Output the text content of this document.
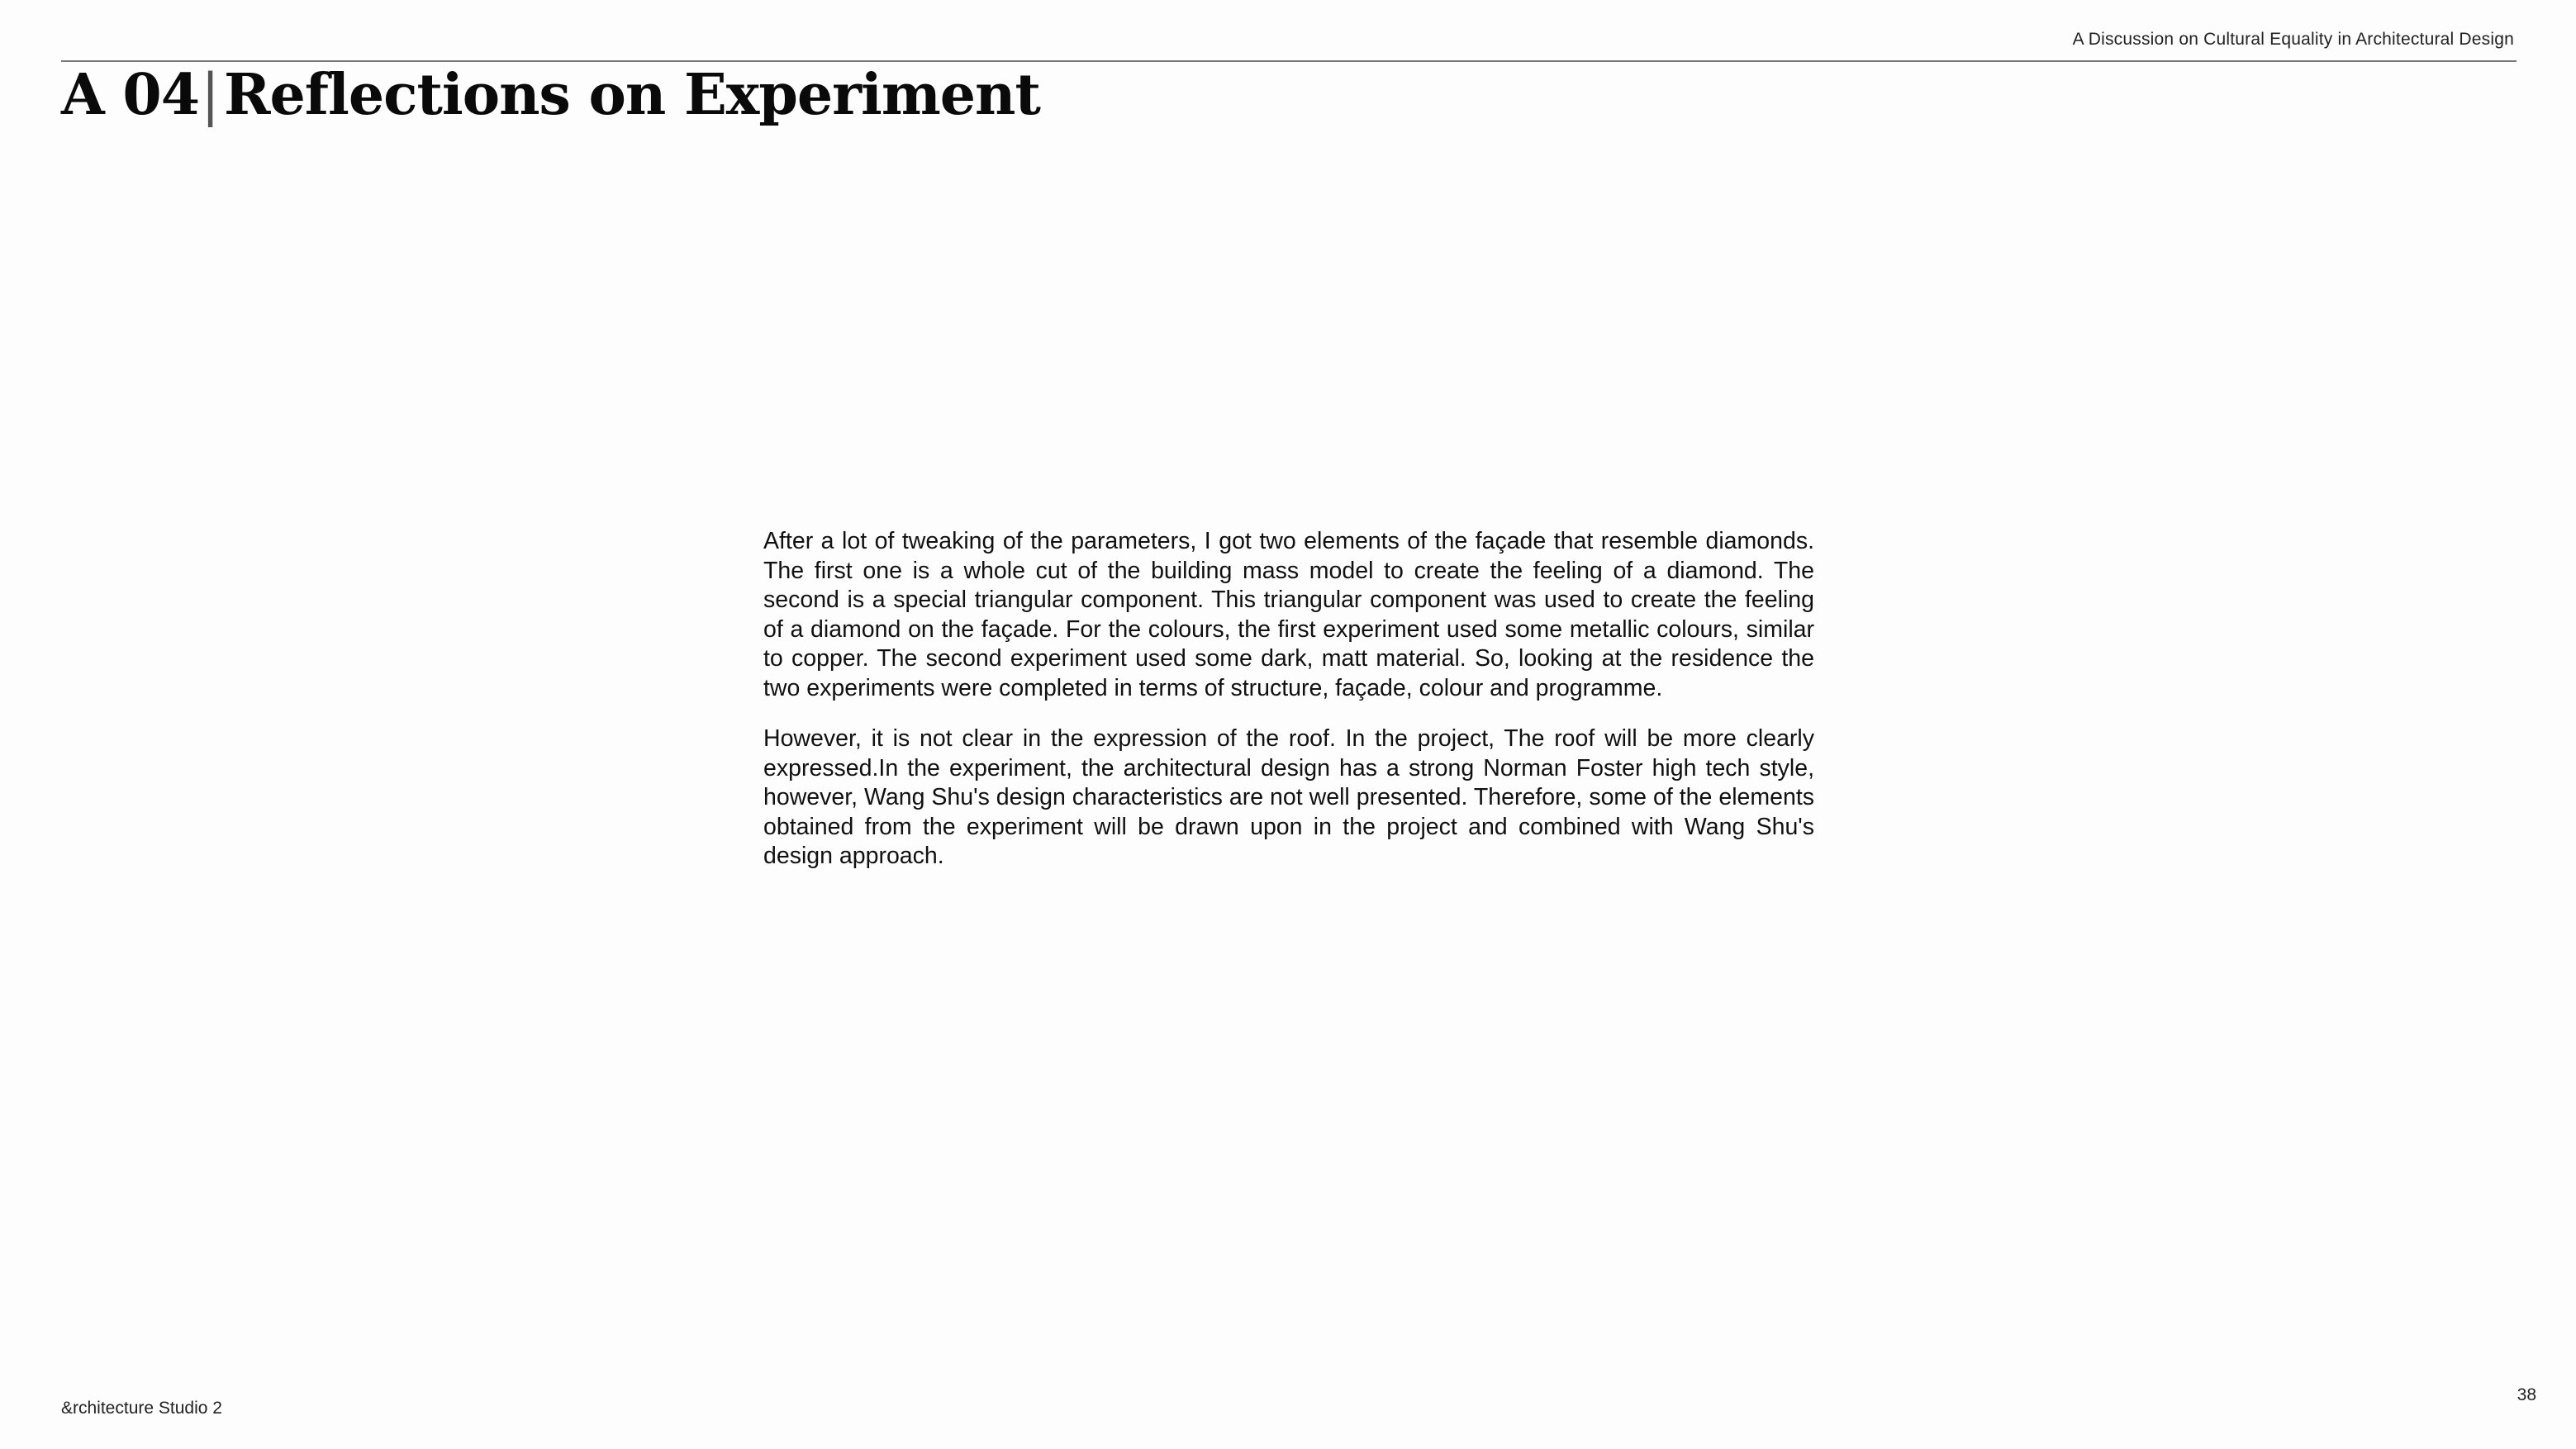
A Discussion on Cultural Equality in Architectural Design
A 04|Reflections on Experiment

After a lot of tweaking of the parameters, I got two elements of the façade that resemble diamonds. The first one is a whole cut of the building mass model to create the feeling of a diamond. The second is a special triangular component. This triangular component was used to create the feeling of a diamond on the façade. For the colours, the first experiment used some metallic colours, similar to copper. The second experiment used some dark, matt material. So, looking at the residence the two experiments were completed in terms of structure, façade, colour and programme.

However, it is not clear in the expression of the roof. In the project, The roof will be more clearly expressed.In the experiment, the architectural design has a strong Norman Foster high tech style, however, Wang Shu's design characteristics are not well presented. Therefore, some of the elements obtained from the experiment will be drawn upon in the project and combined with Wang Shu's design approach.

&rchitecture Studio 2
38
